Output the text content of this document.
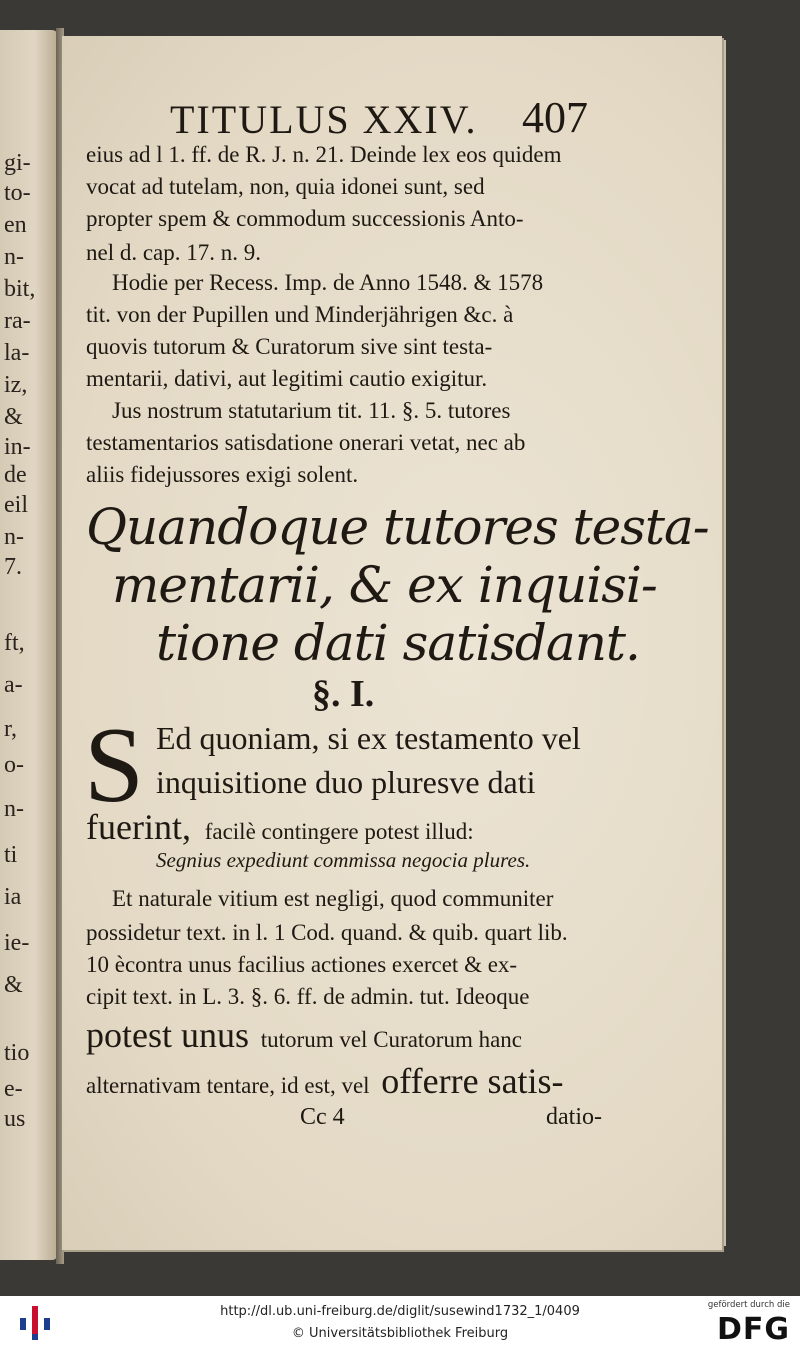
gi-
to-
en
n-
bit,
ra-
la-
iz,
&
in-
de
eil
n-
7.
ft,
a-
r,
o-
n-
ti
ia
ie-
&
tio
e-
us
TITULUS XXIV. 407
eius ad l 1. ff. de R. J. n. 21. Deinde lex eos quidem
vocat ad tutelam, non, quia idonei sunt, sed
propter spem & commodum successionis Anto-
nel d. cap. 17. n. 9.
Hodie per Recess. Imp. de Anno 1548. & 1578
tit. von der Pupillen und Minderjährigen &c. à
quovis tutorum & Curatorum sive sint testa-
mentarii, dativi, aut legitimi cautio exigitur.
Jus nostrum statutarium tit. 11. §. 5. tutores
testamentarios satisdatione onerari vetat, nec ab
aliis fidejussores exigi solent.
Quandoque tutores testa-
mentarii, & ex inquisi-
tione dati satisdant.
§. I.
S Ed quoniam, si ex testamento vel
inquisitione duo pluresve dati
fuerint, facilè contingere potest illud:
Segnius expediunt commissa negocia plures.
Et naturale vitium est negligi, quod communiter
possidetur text. in l. 1 Cod. quand. & quib. quart lib.
10 ècontra unus facilius actiones exercet & ex-
cipit text. in L. 3. §. 6. ff. de admin. tut. Ideoque
potest unus tutorum vel Curatorum hanc
alternativam tentare, id est, vel offerre satis-
Cc 4	datio-
http://dl.ub.uni-freiburg.de/diglit/susewind1732_1/0409
© Universitätsbibliothek Freiburg
gefördert durch die
DFG
